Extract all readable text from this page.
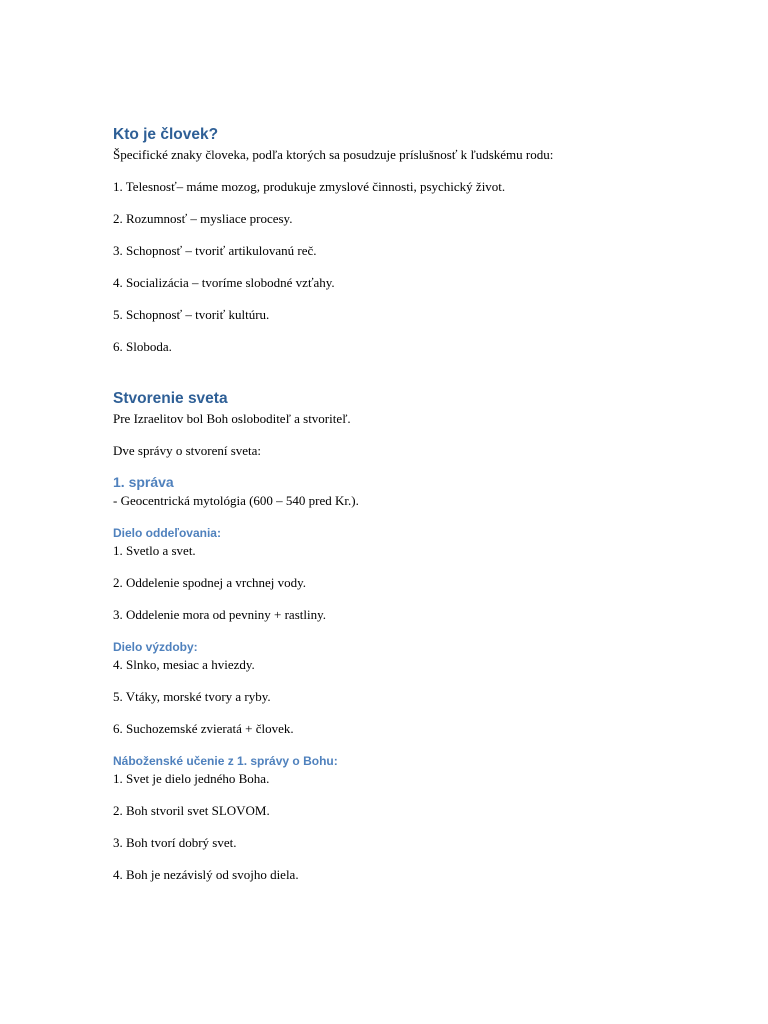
Kto je človek?
Špecifické znaky človeka, podľa ktorých sa posudzuje príslušnosť k ľudskému rodu:
1. Telesnosť– máme mozog, produkuje zmyslové činnosti, psychický život.
2. Rozumnosť – mysliace procesy.
3. Schopnosť – tvoriť artikulovanú reč.
4. Socializácia – tvoríme slobodné vzťahy.
5. Schopnosť – tvoriť kultúru.
6. Sloboda.
Stvorenie sveta
Pre Izraelitov bol Boh osloboditeľ a stvoriteľ.
Dve správy o stvorení sveta:
1. správa
- Geocentrická mytológia (600 – 540 pred Kr.).
Dielo oddeľovania:
1. Svetlo a svet.
2. Oddelenie spodnej a vrchnej vody.
3. Oddelenie mora od pevniny + rastliny.
Dielo výzdoby:
4. Slnko, mesiac a hviezdy.
5. Vtáky, morské tvory a ryby.
6. Suchozemské zvieratá + človek.
Náboženské učenie z 1. správy o Bohu:
1. Svet je dielo jedného Boha.
2. Boh stvoril svet SLOVOM.
3. Boh tvorí dobrý svet.
4. Boh je nezávislý od svojho diela.
